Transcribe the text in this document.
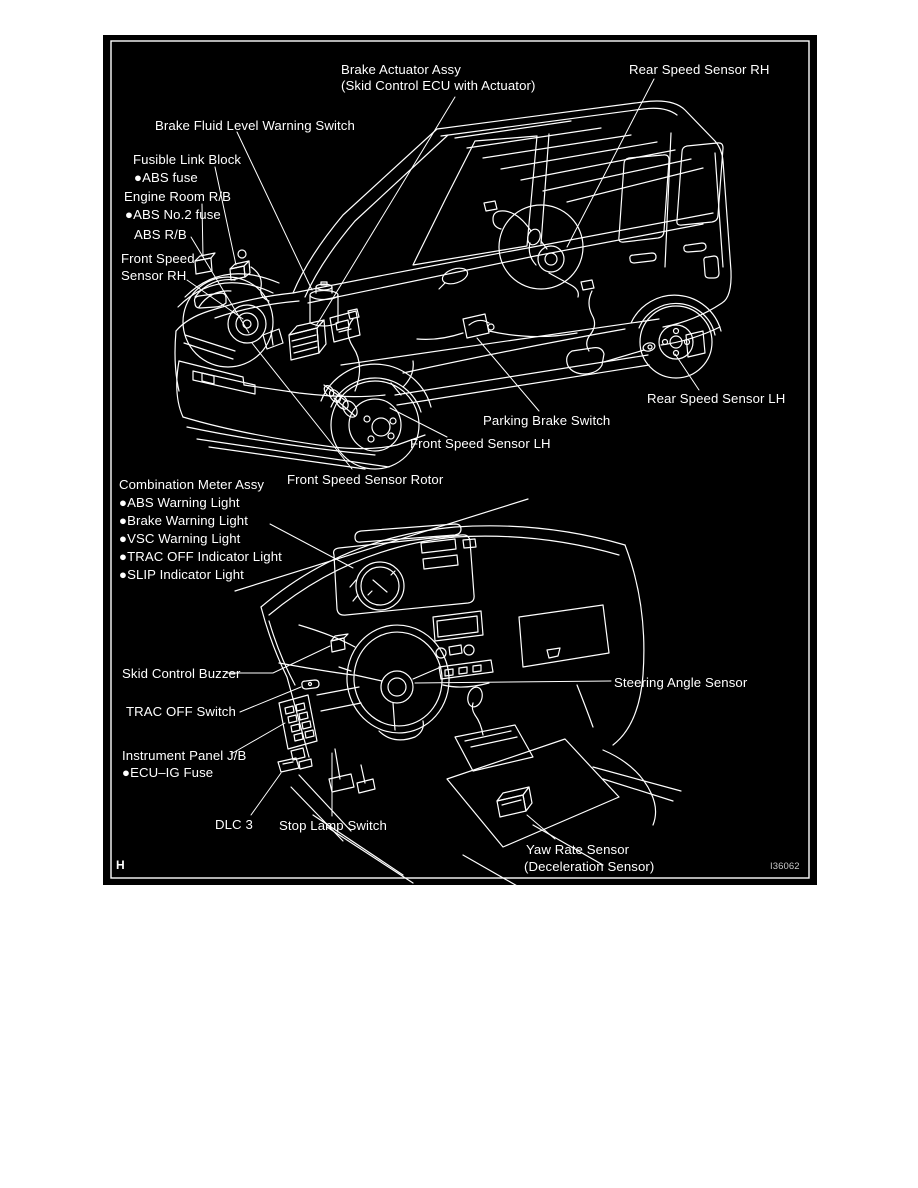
Brake Actuator Assy
(Skid Control ECU with Actuator)
Rear Speed Sensor RH
Brake Fluid Level Warning Switch
Fusible Link Block
●ABS fuse
Engine Room R/B
●ABS No.2 fuse
ABS R/B
Front Speed
Sensor RH
Rear Speed Sensor LH
Parking Brake Switch
Front Speed Sensor LH
Front Speed Sensor Rotor
Combination Meter Assy
●ABS Warning Light
●Brake Warning Light
●VSC Warning Light
●TRAC OFF Indicator Light
●SLIP Indicator Light
Skid Control Buzzer
TRAC OFF Switch
Instrument Panel J/B
●ECU–IG Fuse
DLC 3 Stop Lamp Switch
Steering Angle Sensor
Yaw Rate Sensor
(Deceleration Sensor)
H	I36062
